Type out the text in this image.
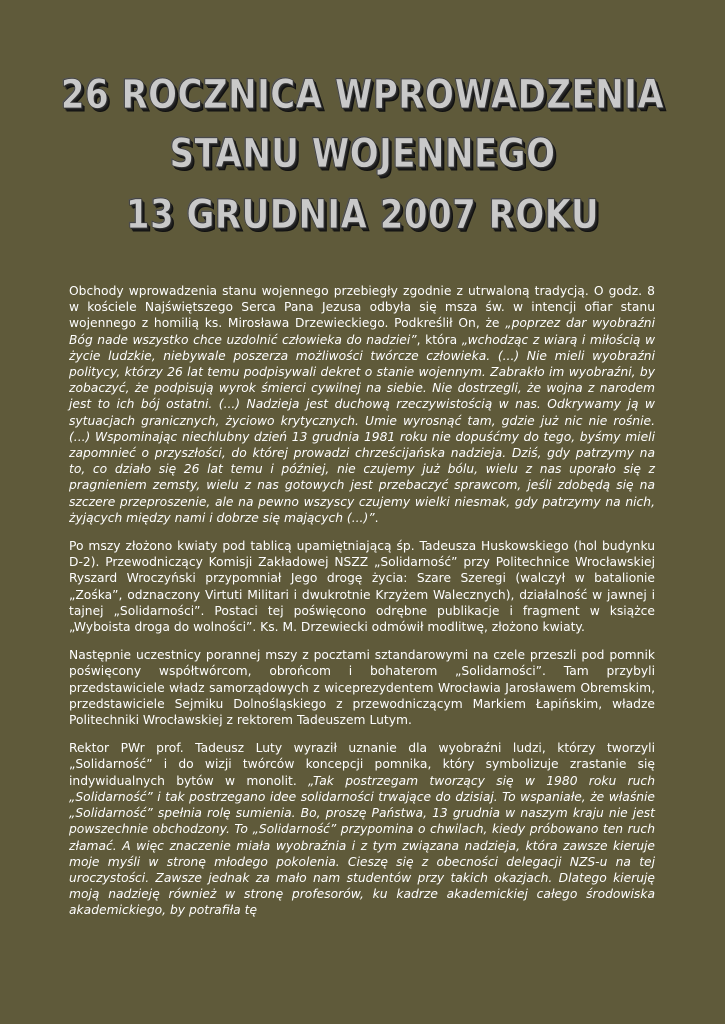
26 ROCZNICA WPROWADZENIA
STANU WOJENNEGO
13 GRUDNIA 2007 ROKU

Obchody wprowadzenia stanu wojennego przebiegły zgodnie z utrwaloną tradycją. O godz. 8 w kościele Najświętszego Serca Pana Jezusa odbyła się msza św. w intencji ofiar stanu wojennego z homilią ks. Mirosława Drzewieckiego. Podkreślił On, że „poprzez dar wyobraźni Bóg nade wszystko chce uzdolnić człowieka do nadziei”, która „wchodząc z wiarą i miłością w życie ludzkie, niebywale poszerza możliwości twórcze człowieka. (...) Nie mieli wyobraźni politycy, którzy 26 lat temu podpisywali dekret o stanie wojennym. Zabrakło im wyobraźni, by zobaczyć, że podpisują wyrok śmierci cywilnej na siebie. Nie dostrzegli, że wojna z narodem jest to ich bój ostatni. (...) Nadzieja jest duchową rzeczywistością w nas. Odkrywamy ją w sytuacjach granicznych, życiowo krytycznych. Umie wyrosnąć tam, gdzie już nic nie rośnie. (...) Wspominając niechlubny dzień 13 grudnia 1981 roku nie dopuśćmy do tego, byśmy mieli zapomnieć o przyszłości, do której prowadzi chrześcijańska nadzieja. Dziś, gdy patrzymy na to, co działo się 26 lat temu i później, nie czujemy już bólu, wielu z nas uporało się z pragnieniem zemsty, wielu z nas gotowych jest przebaczyć sprawcom, jeśli zdobędą się na szczere przeproszenie, ale na pewno wszyscy czujemy wielki niesmak, gdy patrzymy na nich, żyjących między nami i dobrze się mających (...)”.

Po mszy złożono kwiaty pod tablicą upamiętniającą śp. Tadeusza Huskowskiego (hol budynku D-2). Przewodniczący Komisji Zakładowej NSZZ „Solidarność” przy Politechnice Wrocławskiej Ryszard Wroczyński przypomniał Jego drogę życia: Szare Szeregi (walczył w batalionie „Zośka”, odznaczony Virtuti Militari i dwukrotnie Krzyżem Walecznych), działalność w jawnej i tajnej „Solidarności”. Postaci tej poświęcono odrębne publikacje i fragment w książce „Wyboista droga do wolności”. Ks. M. Drzewiecki odmówił modlitwę, złożono kwiaty.

Następnie uczestnicy porannej mszy z pocztami sztandarowymi na czele przeszli pod pomnik poświęcony współtwórcom, obrońcom i bohaterom „Solidarności”. Tam przybyli przedstawiciele władz samorządowych z wiceprezydentem Wrocławia Jarosławem Obremskim, przedstawiciele Sejmiku Dolnośląskiego z przewodniczącym Markiem Łapińskim, władze Politechniki Wrocławskiej z rektorem Tadeuszem Lutym.

Rektor PWr prof. Tadeusz Luty wyraził uznanie dla wyobraźni ludzi, którzy tworzyli „Solidarność” i do wizji twórców koncepcji pomnika, który symbolizuje zrastanie się indywidualnych bytów w monolit. „Tak postrzegam tworzący się w 1980 roku ruch „Solidarność” i tak postrzegano idee solidarności trwające do dzisiaj. To wspaniałe, że właśnie „Solidarność” spełnia rolę sumienia. Bo, proszę Państwa, 13 grudnia w naszym kraju nie jest powszechnie obchodzony. To „Solidarność” przypomina o chwilach, kiedy próbowano ten ruch złamać. A więc znaczenie miała wyobraźnia i z tym związana nadzieja, która zawsze kieruje moje myśli w stronę młodego pokolenia. Cieszę się z obecności delegacji NZS-u na tej uroczystości. Zawsze jednak za mało nam studentów przy takich okazjach. Dlatego kieruję moją nadzieję również w stronę profesorów, ku kadrze akademickiej całego środowiska akademickiego, by potrafiła tę
